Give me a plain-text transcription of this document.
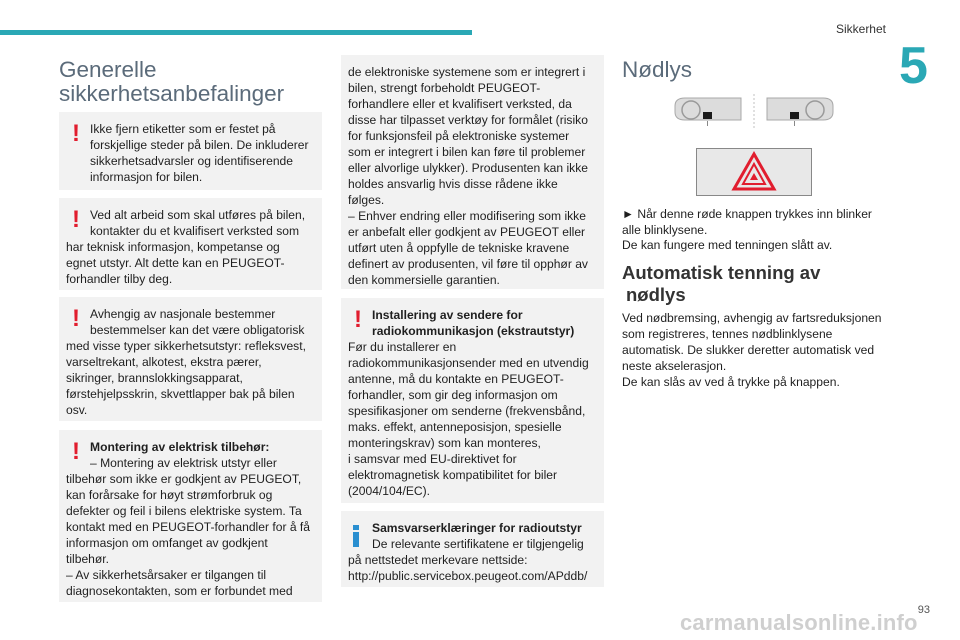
Sikkerhet
5
Generelle
sikkerhetsanbefalinger
! Ikke fjern etiketter som er festet på
forskjellige steder på bilen. De inkluderer sikkerhetsadvarsler og identifiserende informasjon for bilen.
! Ved alt arbeid som skal utføres på bilen,
kontakter du et kvalifisert verksted som
har teknisk informasjon, kompetanse og egnet utstyr. Alt dette kan en PEUGEOT-forhandler tilby deg.
! Avhengig av nasjonale bestemmer
bestemmelser kan det være obligatorisk
med visse typer sikkerhetsutstyr: refleksvest, varseltrekant, alkotest, ekstra pærer, sikringer, brannslokkingsapparat, førstehjelpsskrin, skvettlapper bak på bilen osv.
! Montering av elektrisk tilbehør:
– Montering av elektrisk utstyr eller
tilbehør som ikke er godkjent av PEUGEOT, kan forårsake for høyt strømforbruk og defekter og feil i bilens elektriske system. Ta kontakt med en PEUGEOT-forhandler for å få informasjon om omfanget av godkjent tilbehør.
– Av sikkerhetsårsaker er tilgangen til diagnosekontakten, som er forbundet med
de elektroniske systemene som er integrert i bilen, strengt forbeholdt PEUGEOT-forhandlere eller et kvalifisert verksted, da disse har tilpasset verktøy for formålet (risiko for funksjonsfeil på elektroniske systemer som er integrert i bilen kan føre til problemer eller alvorlige ulykker). Produsenten kan ikke holdes ansvarlig hvis disse rådene ikke følges.
– Enhver endring eller modifisering som ikke er anbefalt eller godkjent av PEUGEOT eller utført uten å oppfylle de tekniske kravene definert av produsenten, vil føre til opphør av den kommersielle garantien.
! Installering av sendere for
radiokommunikasjon (ekstrautstyr)
Før du installerer en radiokommunikasjonsender med en utvendig antenne, må du kontakte en PEUGEOT-forhandler, som gir deg informasjon om spesifikasjoner om senderne (frekvensbånd, maks. effekt, antenneposisjon, spesielle monteringskrav) som kan monteres,
i samsvar med EU-direktivet for elektromagnetisk kompatibilitet for biler (2004/104/EC).
Samsvarserklæringer for radioutstyr
De relevante sertifikatene er tilgjengelig
på nettstedet merkevare nettside:
http://public.servicebox.peugeot.com/APddb/
Nødlys
► Når denne røde knappen trykkes inn blinker alle blinklysene.
De kan fungere med tenningen slått av.
Automatisk tenning av
nødlys
Ved nødbremsing, avhengig av fartsreduksjonen som registreres, tennes nødblinklysene automatisk. De slukker deretter automatisk ved neste akselerasjon.
De kan slås av ved å trykke på knappen.
93
carmanualsonline.info
